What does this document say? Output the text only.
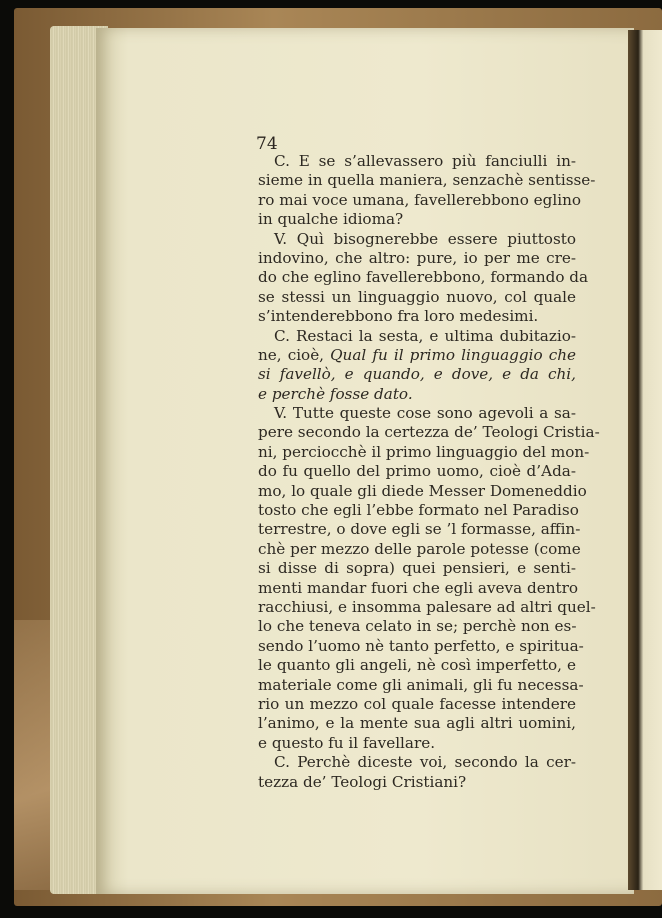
74
C. E se s’allevassero più fanciulli in-
sieme in quella maniera, senzachè sentisse-
ro mai voce umana, favellerebbono eglino
in qualche idioma?
V. Quì bisognerebbe essere piuttosto
indovino, che altro: pure, io per me cre-
do che eglino favellerebbono, formando da
se stessi un linguaggio nuovo, col quale
s’intenderebbono fra loro medesimi.
C. Restaci la sesta, e ultima dubitazio-
ne, cioè, Qual fu il primo linguaggio che
si favellò, e quando, e dove, e da chi,
e perchè fosse dato.
V. Tutte queste cose sono agevoli a sa-
pere secondo la certezza de’ Teologi Cristia-
ni, perciocchè il primo linguaggio del mon-
do fu quello del primo uomo, cioè d’Ada-
mo, lo quale gli diede Messer Domeneddio
tosto che egli l’ebbe formato nel Paradiso
terrestre, o dove egli se ’l formasse, affin-
chè per mezzo delle parole potesse (come
si disse di sopra) quei pensieri, e senti-
menti mandar fuori che egli aveva dentro
racchiusi, e insomma palesare ad altri quel-
lo che teneva celato in se; perchè non es-
sendo l’uomo nè tanto perfetto, e spiritua-
le quanto gli angeli, nè così imperfetto, e
materiale come gli animali, gli fu necessa-
rio un mezzo col quale facesse intendere
l’animo, e la mente sua agli altri uomini,
e questo fu il favellare.
C. Perchè diceste voi, secondo la cer-
tezza de’ Teologi Cristiani?
